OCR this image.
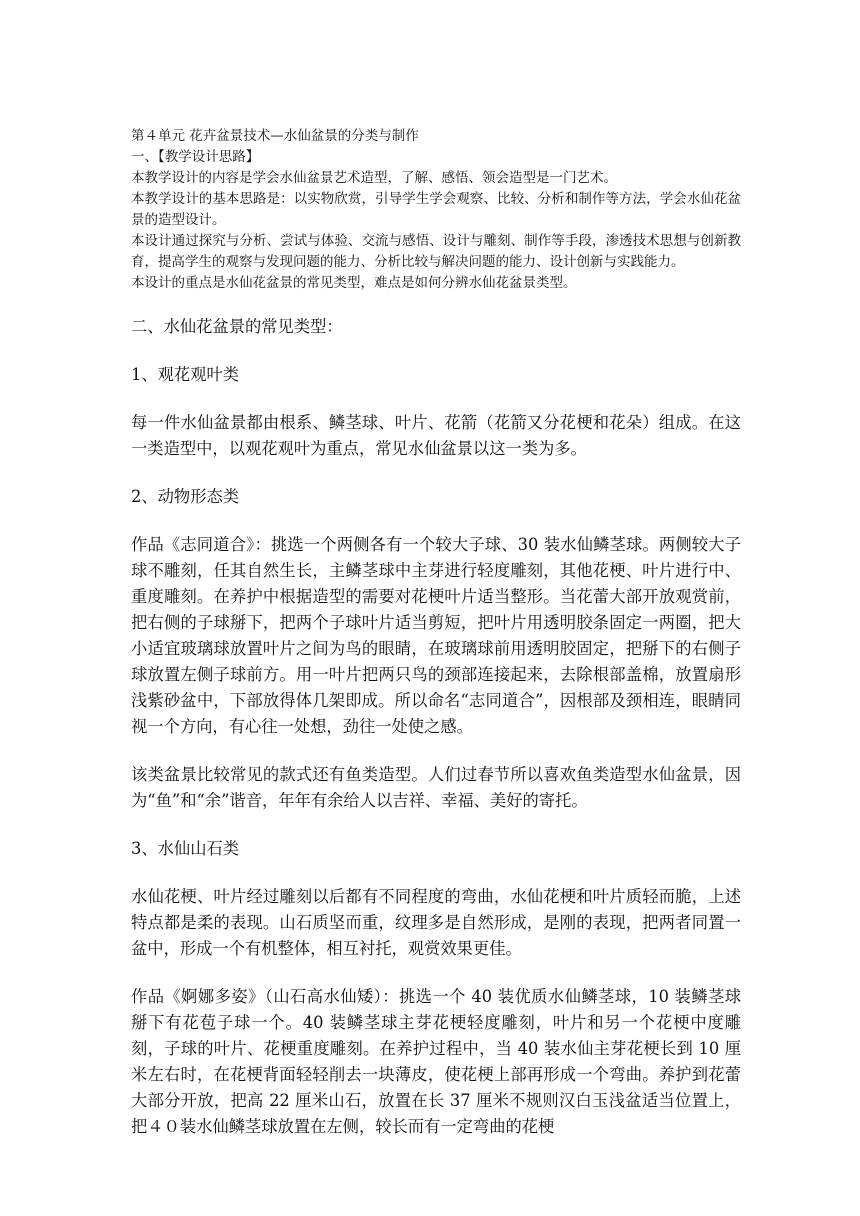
第４单元 花卉盆景技术—水仙盆景的分类与制作

一、【教学设计思路】

本教学设计的内容是学会水仙盆景艺术造型，了解、感悟、领会造型是一门艺术。

本教学设计的基本思路是：以实物欣赏，引导学生学会观察、比较、分析和制作等方法，学会水仙花盆景的造型设计。

本设计通过探究与分析、尝试与体验、交流与感悟、设计与雕刻、制作等手段，渗透技术思想与创新教育，提高学生的观察与发现问题的能力、分析比较与解决问题的能力、设计创新与实践能力。

本设计的重点是水仙花盆景的常见类型，难点是如何分辨水仙花盆景类型。

二、水仙花盆景的常见类型：

1、观花观叶类

每一件水仙盆景都由根系、鳞茎球、叶片、花箭（花箭又分花梗和花朵）组成。在这一类造型中，以观花观叶为重点，常见水仙盆景以这一类为多。

2、动物形态类

作品《志同道合》：挑选一个两侧各有一个较大子球、30 装水仙鳞茎球。两侧较大子球不雕刻，任其自然生长，主鳞茎球中主芽进行轻度雕刻，其他花梗、叶片进行中、重度雕刻。在养护中根据造型的需要对花梗叶片适当整形。当花蕾大部开放观赏前，把右侧的子球掰下，把两个子球叶片适当剪短，把叶片用透明胶条固定一两圈，把大小适宜玻璃球放置叶片之间为鸟的眼睛，在玻璃球前用透明胶固定，把掰下的右侧子球放置左侧子球前方。用一叶片把两只鸟的颈部连接起来，去除根部盖棉，放置扇形浅紫砂盆中，下部放得体几架即成。所以命名“志同道合”，因根部及颈相连，眼睛同视一个方向，有心往一处想，劲往一处使之感。

该类盆景比较常见的款式还有鱼类造型。人们过春节所以喜欢鱼类造型水仙盆景，因为“鱼”和“余”谐音，年年有余给人以吉祥、幸福、美好的寄托。

3、水仙山石类

水仙花梗、叶片经过雕刻以后都有不同程度的弯曲，水仙花梗和叶片质轻而脆，上述特点都是柔的表现。山石质坚而重，纹理多是自然形成，是刚的表现，把两者同置一盆中，形成一个有机整体，相互衬托，观赏效果更佳。

作品《婀娜多姿》（山石高水仙矮）：挑选一个 40 装优质水仙鳞茎球，10 装鳞茎球掰下有花苞子球一个。40 装鳞茎球主芽花梗轻度雕刻，叶片和另一个花梗中度雕刻，子球的叶片、花梗重度雕刻。在养护过程中，当 40 装水仙主芽花梗长到 10 厘米左右时，在花梗背面轻轻削去一块薄皮，使花梗上部再形成一个弯曲。养护到花蕾大部分开放，把高 22 厘米山石，放置在长 37 厘米不规则汉白玉浅盆适当位置上，把４０装水仙鳞茎球放置在左侧，较长而有一定弯曲的花梗
